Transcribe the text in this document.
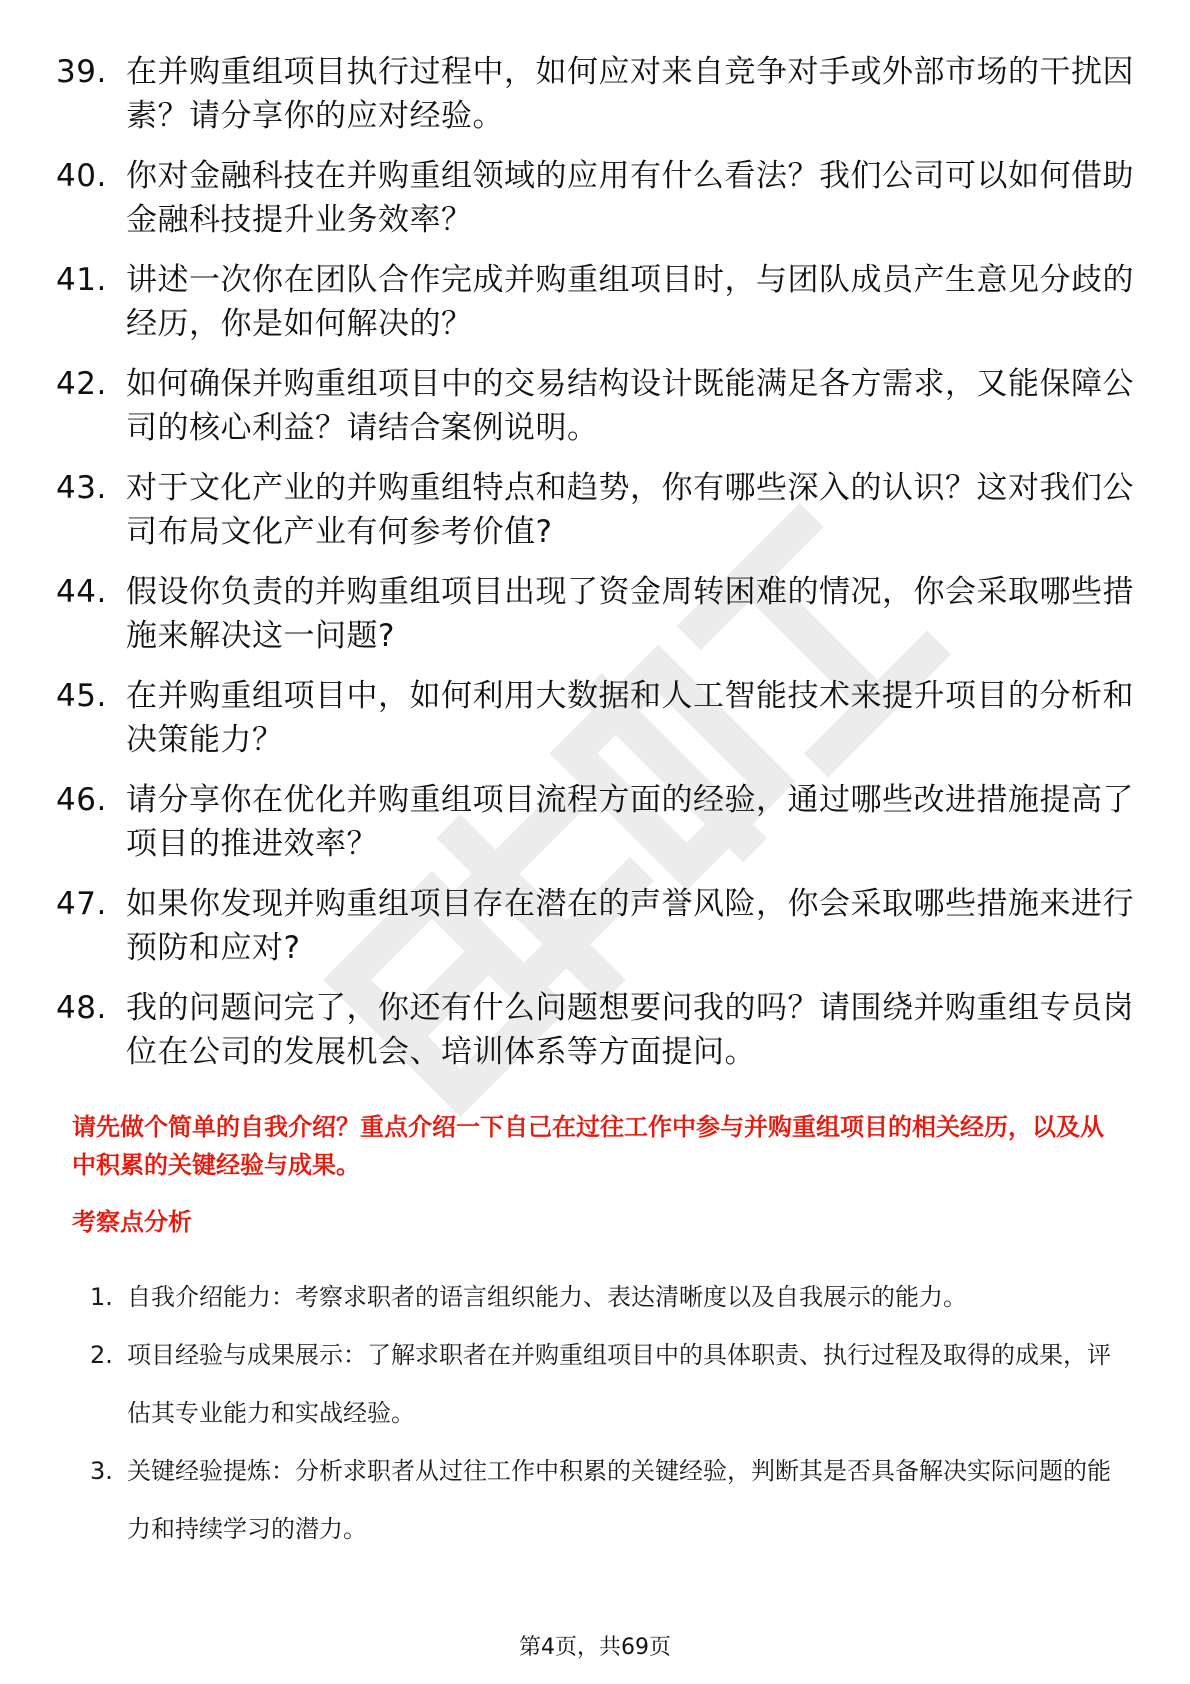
39. 在并购重组项目执行过程中，如何应对来自竞争对手或外部市场的干扰因素？请分享你的应对经验。
40. 你对金融科技在并购重组领域的应用有什么看法？我们公司可以如何借助金融科技提升业务效率？
41. 讲述一次你在团队合作完成并购重组项目时，与团队成员产生意见分歧的经历，你是如何解决的？
42. 如何确保并购重组项目中的交易结构设计既能满足各方需求，又能保障公司的核心利益？请结合案例说明。
43. 对于文化产业的并购重组特点和趋势，你有哪些深入的认识？这对我们公司布局文化产业有何参考价值?
44. 假设你负责的并购重组项目出现了资金周转困难的情况，你会采取哪些措施来解决这一问题?
45. 在并购重组项目中，如何利用大数据和人工智能技术来提升项目的分析和决策能力？
46. 请分享你在优化并购重组项目流程方面的经验，通过哪些改进措施提高了项目的推进效率？
47. 如果你发现并购重组项目存在潜在的声誉风险，你会采取哪些措施来进行预防和应对?
48. 我的问题问完了，你还有什么问题想要问我的吗？请围绕并购重组专员岗位在公司的发展机会、培训体系等方面提问。

请先做个简单的自我介绍？重点介绍一下自己在过往工作中参与并购重组项目的相关经历，以及从中积累的关键经验与成果。

考察点分析
1. 自我介绍能力：考察求职者的语言组织能力、表达清晰度以及自我展示的能力。
2. 项目经验与成果展示：了解求职者在并购重组项目中的具体职责、执行过程及取得的成果，评估其专业能力和实战经验。
3. 关键经验提炼：分析求职者从过往工作中积累的关键经验，判断其是否具备解决实际问题的能力和持续学习的潜力。
第4页，共69页
